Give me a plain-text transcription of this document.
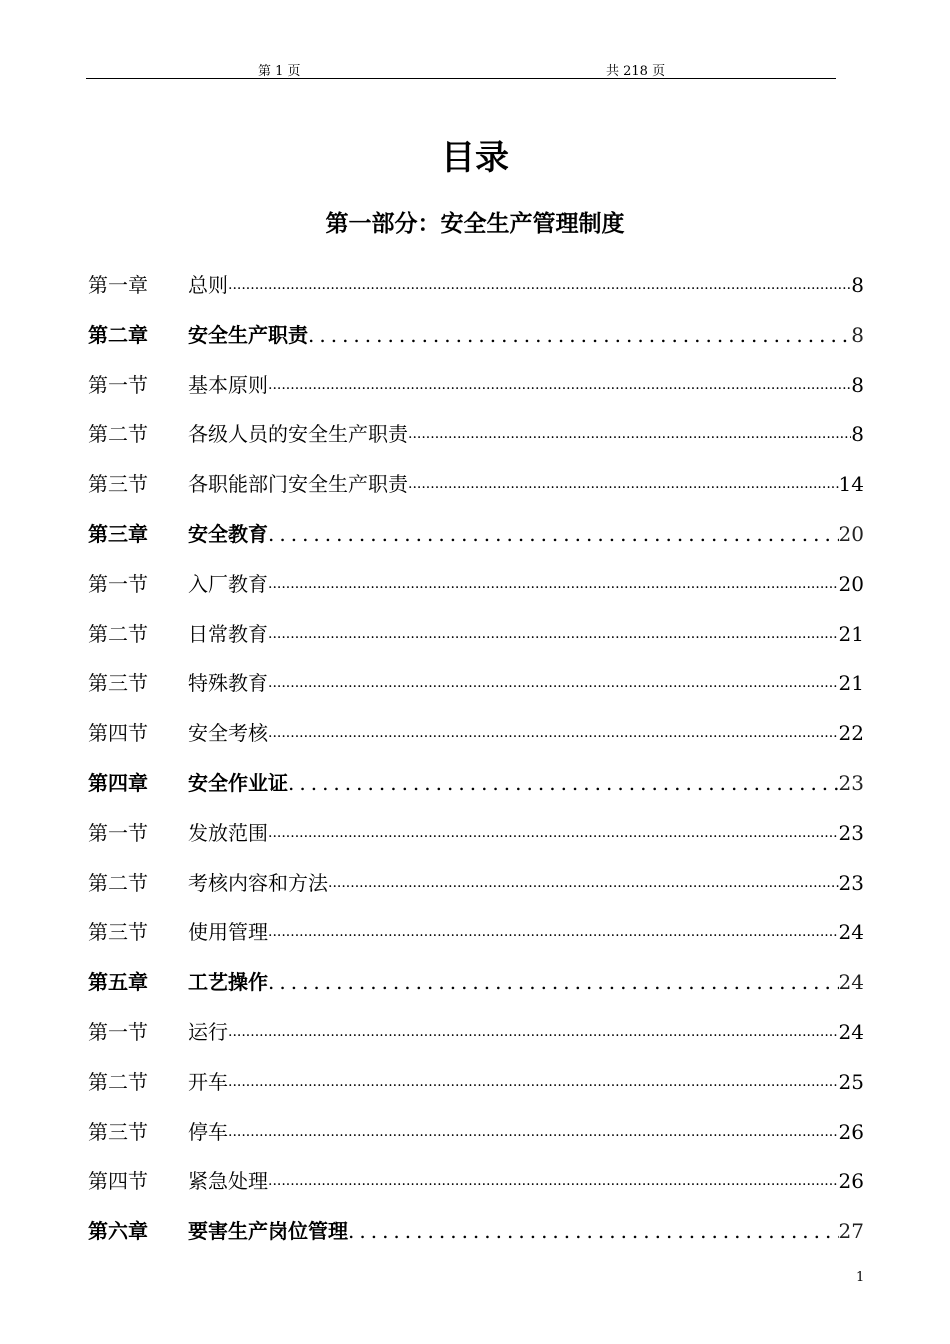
第 1 页	共 218 页
目录
第一部分：安全生产管理制度
第一章	总则 .....	8
第二章	安全生产职责 .....	8
第一节	基本原则 .....	8
第二节	各级人员的安全生产职责 .....	8
第三节	各职能部门安全生产职责 .....	14
第三章	安全教育 .....	20
第一节	入厂教育 .....	20
第二节	日常教育 .....	21
第三节	特殊教育 .....	21
第四节	安全考核 .....	22
第四章	安全作业证 .....	23
第一节	发放范围 .....	23
第二节	考核内容和方法 .....	23
第三节	使用管理 .....	24
第五章	工艺操作 .....	24
第一节	运行 .....	24
第二节	开车 .....	25
第三节	停车 .....	26
第四节	紧急处理 .....	26
第六章	要害生产岗位管理 .....	27
1
